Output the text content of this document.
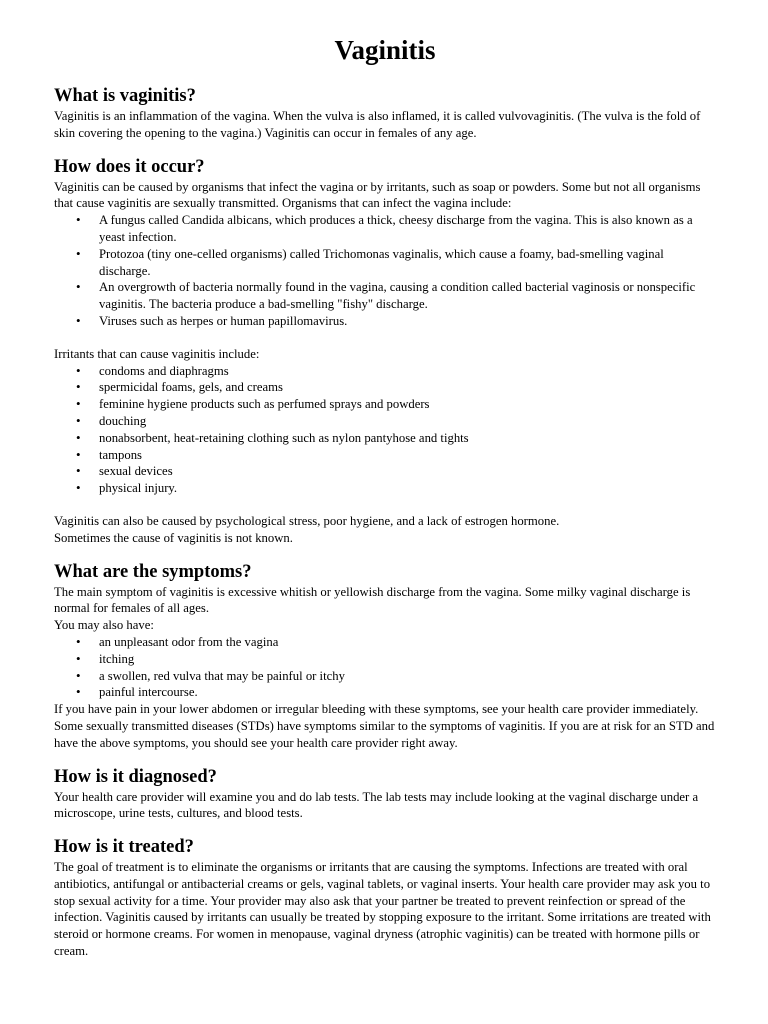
Vaginitis
What is vaginitis?

Vaginitis is an inflammation of the vagina. When the vulva is also inflamed, it is called vulvovaginitis. (The vulva is the fold of skin covering the opening to the vagina.) Vaginitis can occur in females of any age.

How does it occur?

Vaginitis can be caused by organisms that infect the vagina or by irritants, such as soap or powders. Some but not all organisms that cause vaginitis are sexually transmitted. Organisms that can infect the vagina include:

• A fungus called Candida albicans, which produces a thick, cheesy discharge from the vagina. This is also known as a yeast infection.
• Protozoa (tiny one-celled organisms) called Trichomonas vaginalis, which cause a foamy, bad-smelling vaginal discharge.
• An overgrowth of bacteria normally found in the vagina, causing a condition called bacterial vaginosis or nonspecific vaginitis. The bacteria produce a bad-smelling "fishy" discharge.
• Viruses such as herpes or human papillomavirus.

Irritants that can cause vaginitis include:

• condoms and diaphragms
• spermicidal foams, gels, and creams
• feminine hygiene products such as perfumed sprays and powders
• douching
• nonabsorbent, heat-retaining clothing such as nylon pantyhose and tights
• tampons
• sexual devices
• physical injury.

Vaginitis can also be caused by psychological stress, poor hygiene, and a lack of estrogen hormone.

Sometimes the cause of vaginitis is not known.

What are the symptoms?

The main symptom of vaginitis is excessive whitish or yellowish discharge from the vagina. Some milky vaginal discharge is normal for females of all ages.

You may also have:

• an unpleasant odor from the vagina
• itching
• a swollen, red vulva that may be painful or itchy
• painful intercourse.

If you have pain in your lower abdomen or irregular bleeding with these symptoms, see your health care provider immediately. Some sexually transmitted diseases (STDs) have symptoms similar to the symptoms of vaginitis. If you are at risk for an STD and have the above symptoms, you should see your health care provider right away.

How is it diagnosed?

Your health care provider will examine you and do lab tests. The lab tests may include looking at the vaginal discharge under a microscope, urine tests, cultures, and blood tests.

How is it treated?

The goal of treatment is to eliminate the organisms or irritants that are causing the symptoms. Infections are treated with oral antibiotics, antifungal or antibacterial creams or gels, vaginal tablets, or vaginal inserts. Your health care provider may ask you to stop sexual activity for a time. Your provider may also ask that your partner be treated to prevent reinfection or spread of the infection. Vaginitis caused by irritants can usually be treated by stopping exposure to the irritant. Some irritations are treated with steroid or hormone creams. For women in menopause, vaginal dryness (atrophic vaginitis) can be treated with hormone pills or cream.
